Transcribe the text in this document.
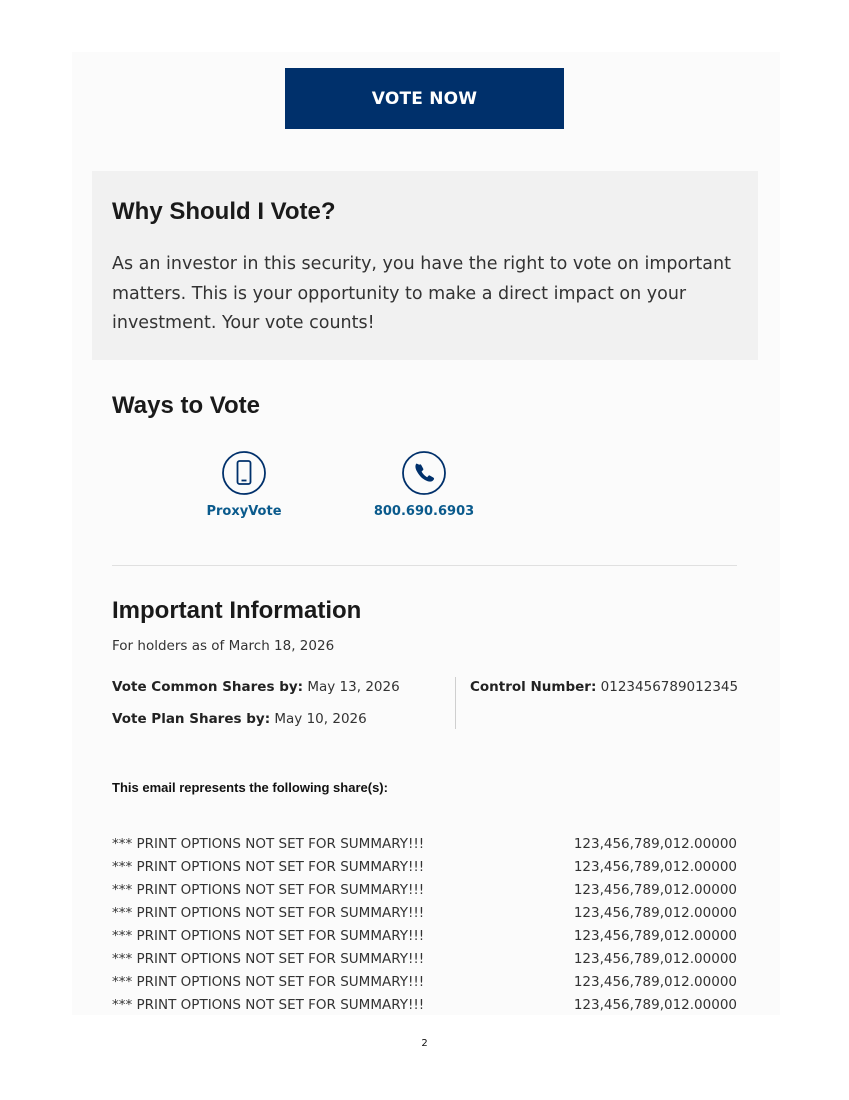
VOTE NOW
Why Should I Vote?

As an investor in this security, you have the right to vote on important matters. This is your opportunity to make a direct impact on your investment. Your vote counts!

Ways to Vote
ProxyVote	800.690.6903
Important Information
For holders as of March 18, 2026
Vote Common Shares by: May 13, 2026
Vote Plan Shares by: May 10, 2026
Control Number: 0123456789012345
This email represents the following share(s):
*** PRINT OPTIONS NOT SET FOR SUMMARY!!!	123,456,789,012.00000
*** PRINT OPTIONS NOT SET FOR SUMMARY!!!	123,456,789,012.00000
*** PRINT OPTIONS NOT SET FOR SUMMARY!!!	123,456,789,012.00000
*** PRINT OPTIONS NOT SET FOR SUMMARY!!!	123,456,789,012.00000
*** PRINT OPTIONS NOT SET FOR SUMMARY!!!	123,456,789,012.00000
*** PRINT OPTIONS NOT SET FOR SUMMARY!!!	123,456,789,012.00000
*** PRINT OPTIONS NOT SET FOR SUMMARY!!!	123,456,789,012.00000
*** PRINT OPTIONS NOT SET FOR SUMMARY!!!	123,456,789,012.00000
2
